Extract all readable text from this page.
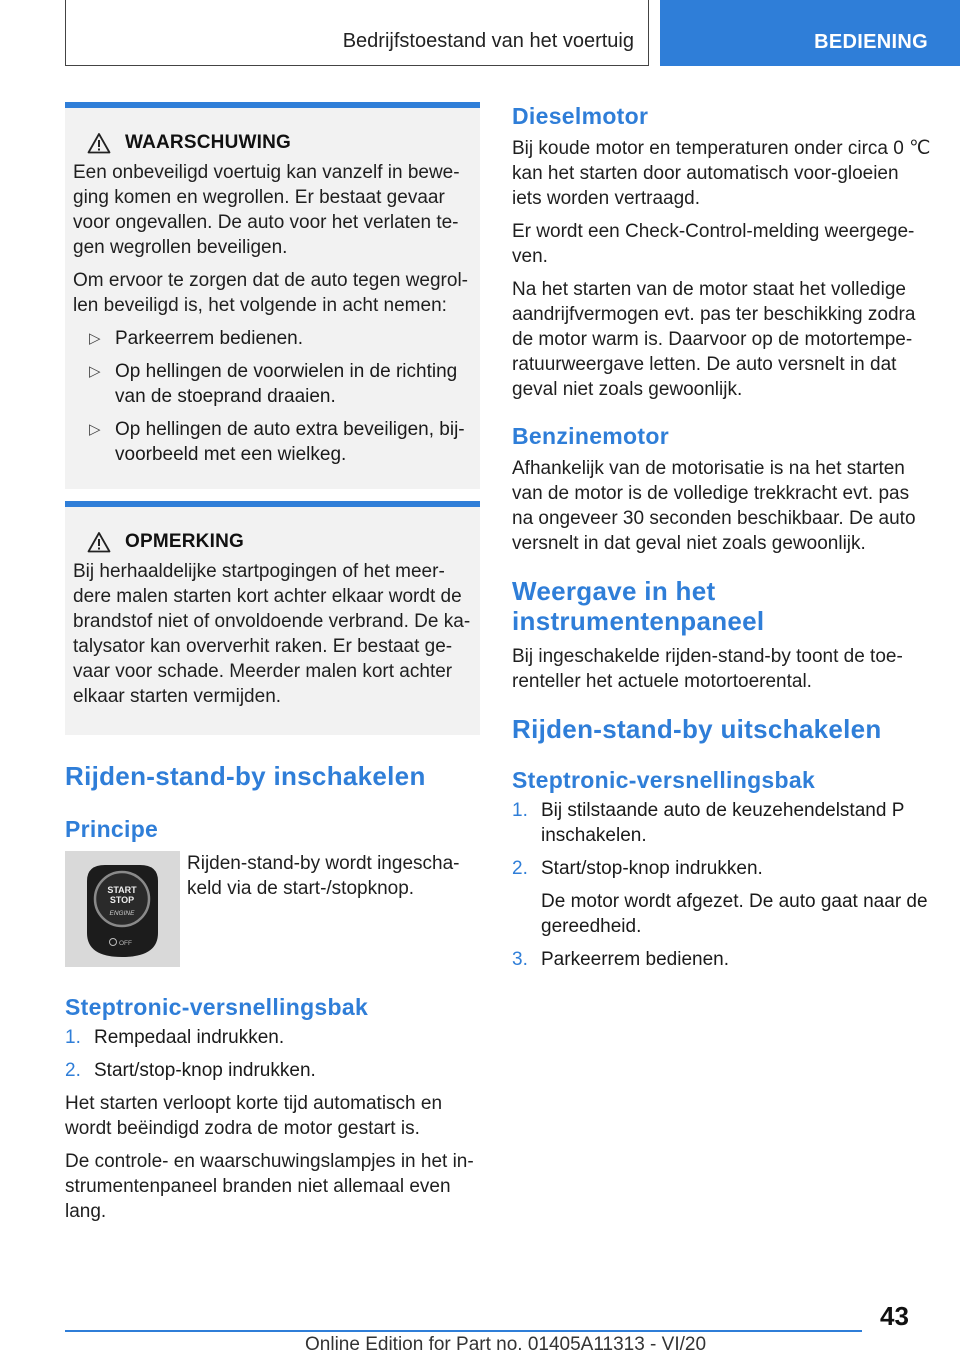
Bedrijfstoestand van het voertuig	BEDIENING
WAARSCHUWING

Een onbeveiligd voertuig kan vanzelf in bewe-ging komen en wegrollen. Er bestaat gevaar voor ongevallen. De auto voor het verlaten te-gen wegrollen beveiligen.

Om ervoor te zorgen dat de auto tegen wegrol-len beveiligd is, het volgende in acht nemen:

▷ Parkeerrem bedienen.
▷ Op hellingen de voorwielen in de richting van de stoeprand draaien.
▷ Op hellingen de auto extra beveiligen, bij-voorbeeld met een wielkeg.
OPMERKING

Bij herhaaldelijke startpogingen of het meer-dere malen starten kort achter elkaar wordt de brandstof niet of onvoldoende verbrand. De ka-talysator kan oververhit raken. Er bestaat ge-vaar voor schade. Meerder malen kort achter elkaar starten vermijden.

Rijden-stand-by inschakelen
Principe
START
STOP
ENGINE
OFF

Rijden-stand-by wordt ingescha-keld via de start-/stopknop.

Steptronic-versnellingsbak
1. Rempedaal indrukken.
2. Start/stop-knop indrukken.

Het starten verloopt korte tijd automatisch en wordt beëindigd zodra de motor gestart is.

De controle- en waarschuwingslampjes in het in-strumentenpaneel branden niet allemaal even lang.

Dieselmotor

Bij koude motor en temperaturen onder circa 0 ℃ kan het starten door automatisch voor-gloeien iets worden vertraagd.

Er wordt een Check-Control-melding weergege-ven.

Na het starten van de motor staat het volledige aandrijfvermogen evt. pas ter beschikking zodra de motor warm is. Daarvoor op de motortempe-ratuurweergave letten. De auto versnelt in dat geval niet zoals gewoonlijk.

Benzinemotor

Afhankelijk van de motorisatie is na het starten van de motor is de volledige trekkracht evt. pas na ongeveer 30 seconden beschikbaar. De auto versnelt in dat geval niet zoals gewoonlijk.

Weergave in het instrumentenpaneel

Bij ingeschakelde rijden-stand-by toont de toe-renteller het actuele motortoerental.

Rijden-stand-by uitschakelen
Steptronic-versnellingsbak
1. Bij stilstaande auto de keuzehendelstand P inschakelen.
2. Start/stop-knop indrukken.
De motor wordt afgezet. De auto gaat naar de gereedheid.
3. Parkeerrem bedienen.
43
Online Edition for Part no. 01405A11313 - VI/20
